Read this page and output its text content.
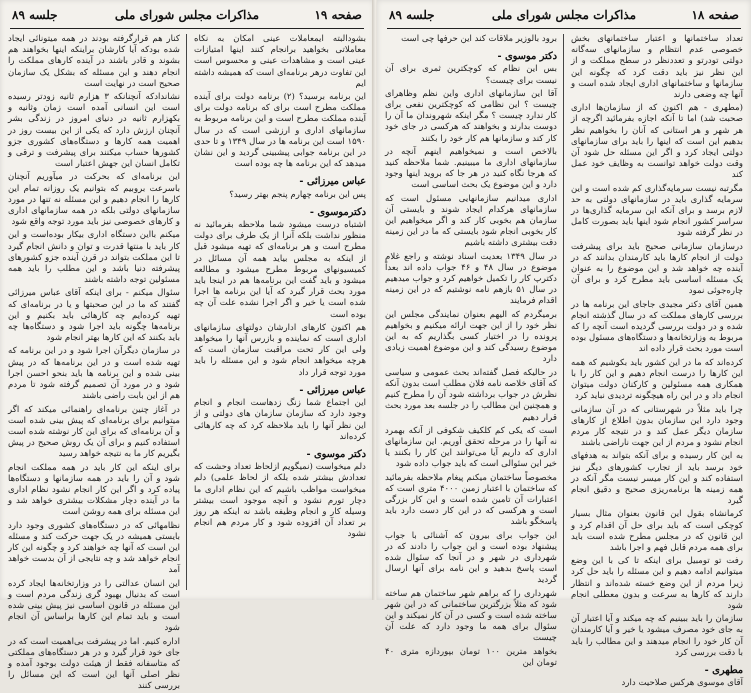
صفحه ۱۹
مذاکرات مجلس شورای ملی
جلسه ۸۹

بشودالبته ایمعاملات عینی امکان به نکاه معاملاتی بخواهید برانجام کنند اینها امتیازات عینی است و مشاهدات عینی و محسوس است این تفاوت درهر برنامه‌ای است که همیشه داشته ایم

این برنامه برسید؟ (۲) برنامه دولت برای آینده مملکت مطرح است برای که برنامه دولت برای آینده مملکت مطرح است و این برنامه مربوط به سازمانهای اداری و ارزشی است که در سال ۱۵۹۰ است این برنامه ها در سال ۱۳۴۹ و تا حدی در این برنامه جوابی پیشبینی گردید و این نشان میدهد که این برنامه ها چه بوده است

عباس میرزائی -

پس این برنامه چهارم پنجم بهتر رسید؟

دکترموسوی -

اشتباه درست میشود شما ملاحظه بفرمائید نه منظور نداشت بلکه آنرا از یک طرف برای دولت مطرح است و هر برنامه‌ای که تهیه میشود قبل از اینکه به مجلس بیاید همه آن مسائل در کمیسیونهای مربوط مطرح میشود و مطالعه میشود و باید گفت این برنامه‌ها هم در اینجا باید مورد بحث قرار گیرد که آیا این برنامه ها اجرا شده است یا خیر و اگر اجرا نشده علت آن چه بوده است

هم اکنون کارهای ادارشان دولتهای سازمانهای اداری است که نماینده و بازرس آنها را میخواهد ولی این کار تحت مراقبت سازمان است که هرچه میخواهد انجام شود و این مسئله را باید مورد توجه قرار داد

عباس میرزائی -

این اجتماع شما زنگ زدهاست انجام و انجام وجود دارد که سازمان سازمان های دولتی و از این نظر آنها را باید ملاحظه کرد که چه کارهائی کرده‌اند

دکتر موسوی -

دلم میخواست (نمیگویم ازلحاظ تعداد وحشت که تعدادش بیشتر شده بلکه از لحاظ علمی) دلم میخواست مواظب باشیم که این نظام اداری ما دچار تورم نشود و آنچه موجود است بیشتر وسیله کار و انجام وظیفه باشد نه اینکه هر روز بر تعداد آن افزوده شود و کار مردم هم انجام نشود

کنار هم قرارگرفته بودند در همه میتونائی ایجاد شده بودکه آیا کارشان براینکه اینها بخواهند هم بشوند و قادر باشند در آینده کارهای مملکت را انجام دهند و این مسئله که بشکل یک سازمان صحیح است در نهایت است

نشاندادکه آنچنانکه ۳ هزارم ثانیه زودتر رسیده است این انسانی آمده است زمان وثانیه و بکهزارم ثانیه در دنیای امروز در زندگی بشر آنچنان ارزش دارد که یکی از این بیست روز در اهمیت همه کارها و دستگاه‌های کشوری جزو کشورها حساب میکنند برای پیشرفت و ترقی و تکامل انسان این جهش اعتبار است

این برنامه‌ای که بحرکت در میآوریم آنچنان باسرعت بروبیم که بتوانیم یک روزانه تمام این کارها را انجام دهیم و این مسئله نه تنها در مورد سازمانهای دولتی بلکه در همه سازمانهای اداری و کارهای خصوصی نیز باید مورد توجه واقع شود

میکنم بااین دستگاه اداری بیکار بوده‌است و این کار باید با منتها قدرت و توان و دانش انجام گیرد تا این مملکت بتواند در قرن آینده جزو کشورهای پیشرفته دنیا باشد و این مطلب را باید همه مسئولین توجه داشته باشند

سئوال میکنم - برای اینکه آقای عباس میرزائی گفتند که ما در این صحبتها و یا در برنامه‌ای که تهیه کرده‌ایم چه کارهائی باید بکنیم و این برنامه‌ها چگونه باید اجرا شود و دستگاه‌ها چه باید بکنند که این کارها بهتر انجام شود

در سازمان دیگرآن اجرا شود و در این برنامه که تهیه شده است و در این برنامه‌ها که در پیش بینی شده و این برنامه ها باید بنحو احسن اجرا شود و در مورد آن تصمیم گرفته شود تا مردم هم از این بابت راضی باشند

در آغاز چنین برنامه‌ای راهنمائی میکند که اگر میتوانیم برای برنامه‌ای که پیش بینی شده است و آن برنامه‌ای که برای این کار نوشته شده است استفاده کنیم و برای آن یک روش صحیح در پیش بگیریم کار ما به نتیجه خواهد رسید

برای اینکه این کار باید در همه مملکت انجام شود و آن را باید در همه سازمانها و دستگاه‌ها پیاده کرد و اگر این کار انجام نشود نظام اداری ما در آینده دچار مشکلات بیشتری خواهد شد و این مسئله برای همه روشن است

نظامهائی که در دستگاه‌های کشوری وجود دارد بایستی همیشه در یک جهت حرکت کند و مسئله این است که آنها چه خواهند کرد و چگونه این کار انجام خواهد شد و چه نتایجی از آن بدست خواهد آمد

این انسان عدالتی را در وزارتخانه‌ها ایجاد کرده است که بدنیال بهبود گری زندگی مردم است و این مسئله در قانون اساسی نیز پیش بینی شده است و باید تمام این کارها براساس آن انجام شود

اداره کنیم. اما در پیشرفت بی‌اهمیت است که در جای خود قرار گیرد و در هر دستگاه‌های مملکتی که متاسفانه فقط از هیئت دولت بوجود آمده و نظر اصلی آنها این است که این مسائل را بررسی کنند

صفحه ۱۸
مذاکرات مجلس شورای ملی
جلسه ۸۹

تعداد ساختمانها و اعتبار ساختمانهای بخش خصوصی عدم انتظام و سازمانهای سه‌گانه دولتی تودرتو و تعددنظر در سطح مملکت و از این نظر نیز باید دقت کرد که چگونه این سازمانها و ساختمانهای اداری ایجاد شده است و آنها چه وضعی دارند

(مطهری - هم اکنون که از سازمان‌ها اداری صحبت شد) اما تا آنکه اجازه بفرمائید اگرچه از هر شهر و هر استانی که آنان را بخواهیم نظر بدهیم این است که اینها را باید برای سازمانهای دولتی ایجاد کرد و اگر این مسئله حل شود آن وقت دولت خواهد توانست به وظایف خود عمل کند

مگرتبه نیست سرمایه‌گذاری کم شده است و این سرمایه گذاری باید در سازمانهای دولتی به حد لازم برسد و برای آنکه این سرمایه گذاری‌ها در سراسر کشور انجام شود اینها باید بصورت کامل در نظر گرفته شود

درسازمان سازمانی صحیح باید برای پیشرفت دولت از انجام کارها باید کارمندان بدانند که در آینده چه خواهد شد و این موضوع را به عنوان یک مسئله اساسی باید مطرح کرد و برای آن چاره‌جوئی نمود

همین آقای دکتر مجیدی جاجای این برنامه ها در بررسی کارهای مملکت که در سال گذشته انجام شده و در دولت بررسی گردیده است آنچه را که مربوط به وزارتخانه‌ها و دستگاه‌های مسئول بوده است مورد بحث قرار داده اند

کرده‌اند که ما در این کشور باید بکوشیم که همه این کارها را درست انجام دهیم و این کار را با همکاری همه مسئولین و کارکنان دولت میتوان انجام داد و در این راه هیچگونه تردیدی نباید کرد

چرا باید مثلاً در شهرستانی که در آن سازمانی وجود دارد این سازمان بدون اطلاع از کارهای سازمان دیگر عمل کند و در نتیجه کار مردم انجام نشود و مردم از این جهت ناراضی باشند

به این کار رسیده و برای آنکه بتواند به هدفهای خود برسد باید از تجارب کشورهای دیگر نیز استفاده کند و این کار میسر نیست مگر آنکه در همه زمینه ها برنامه‌ریزی صحیح و دقیق انجام گیرد

کرمانشاه بقول این قانون بعنوان مثال بسیار کوچکی است که باید برای حل آن اقدام کرد و این قانون که در مجلس مطرح شده است باید برای همه مردم قابل فهم و اجرا باشد

رفت تو تومبیل برای اینکه تا کی با این وضع میتوانیم ادامه دهیم و این مسئله را باید حل کرد زیرا مردم از این وضع خسته شده‌اند و انتظار دارند که کارها به سرعت و بدون معطلی انجام شود

سازمان را باید ببینیم که چه میکند و آیا اعتبار آن به جای خود مصرف میشود یا خیر و آیا کارمندان آن کار خود را انجام میدهند و این مطالب را باید با دقت بررسی کرد

مطهری -

آقای موسوی هرکس صلاحیت دارد

برود بالوزیر ملاقات کند این حرفها چی است

دکتر موسوی -

بس این نظام که کوچکترین ثمری برای آن نیست برای چیست؟

آقا این سازمانهای اداری واین نظم وظاهرای چیست ؟ این نظامی که کوچکترین نفعی برای کار ندارد چیست ؟ مگر اینکه شهروندان ما آن را دوست بدارند و بخواهند که هرکسی در جای خود کار کند و سازمانها هم کار خود را بکنند

بالاخص است و نمیخواهیم اینهم آنچه در سازمانهای اداری ما میبینیم. شما ملاحظه کنید که هرجا نگاه کنید در هر جا که بروید اینها وجود دارد و این موضوع یک بحث اساسی است

اداری میدانیم سازمانهایی مسئول است که سازمانهای هرکدام ایجاد شوند و بایستی آن سازمان هم بخوبی کار کند و اگر میخواهیم این کار بخوبی انجام شود بایستی که ما در این زمینه دقت بیشتری داشته باشیم

در سال ۱۳۴۹ بعدیت اسناد نوشته و راجع غلام موضوع در سال ۴۸ و ۴۶ جواب داده‌ اند بعداً دکترپ کار را تکمیل خواهیم کرد و جواب میدهیم در سال ۵۱ بازهم نامه نوشتیم که در این زمینه اقدام فرمایند

برمیگردم که الیهم بعنوان نمایندگی مجلس این نظر خود را از این جهت ارائه میکنیم و بخواهیم پرونده را در اختیار کسی بگذاریم که به این موضوع رسیدگی کند و این موضوع اهمیت زیادی دارد

در حالیکه فصل گفته‌اند بحث عمومی و سیاسی که آقای خلاصه نامه فلان مطلب است بدون آنکه نظرش در جواب برداشته شود آن را مطرح کنیم و همچنین این مطالب را در جلسه بعد مورد بحث قرار دهیم

است که یکی کم کلکیف شکوفی از آنکه بهمرد نه آنها را در مرحله تحقق آوریم. این سازمانهای اداری که داریم آیا می‌توانند این کار را بکنند یا خیر این سئوالی است که باید جواب داده شود

مخصوصاً ساختمان میکنم پیغام ملاحظه بفرمائید که ساختمان با اعتبار زمین ۴۰۰۰ متری است که اعتبارات آن تامین شده است و این کار بزرگی است و هرکسی که در این کار دست دارد باید پاسخگو باشد

این جواب برای بیرون که آشنائی با جواب پیشنهاد بوده است و این جواب را دادند که در شهرداری در شهر و در آنجا که سئوال شده است پاسخ بدهید و این نامه برای آنها ارسال گردید

شهرداری را که براهم شهر ساختمان هم ساخته شود که مثلاً بزرگترین ساختمانی که در این شهر ساخته شده است و کسی در آن کار نمیکند و این سئوال برای همه ما وجود دارد که علت آن چیست

بخواهد مترین ۱۰۰ تومان بپوردازه متری ۴۰ تومان این
